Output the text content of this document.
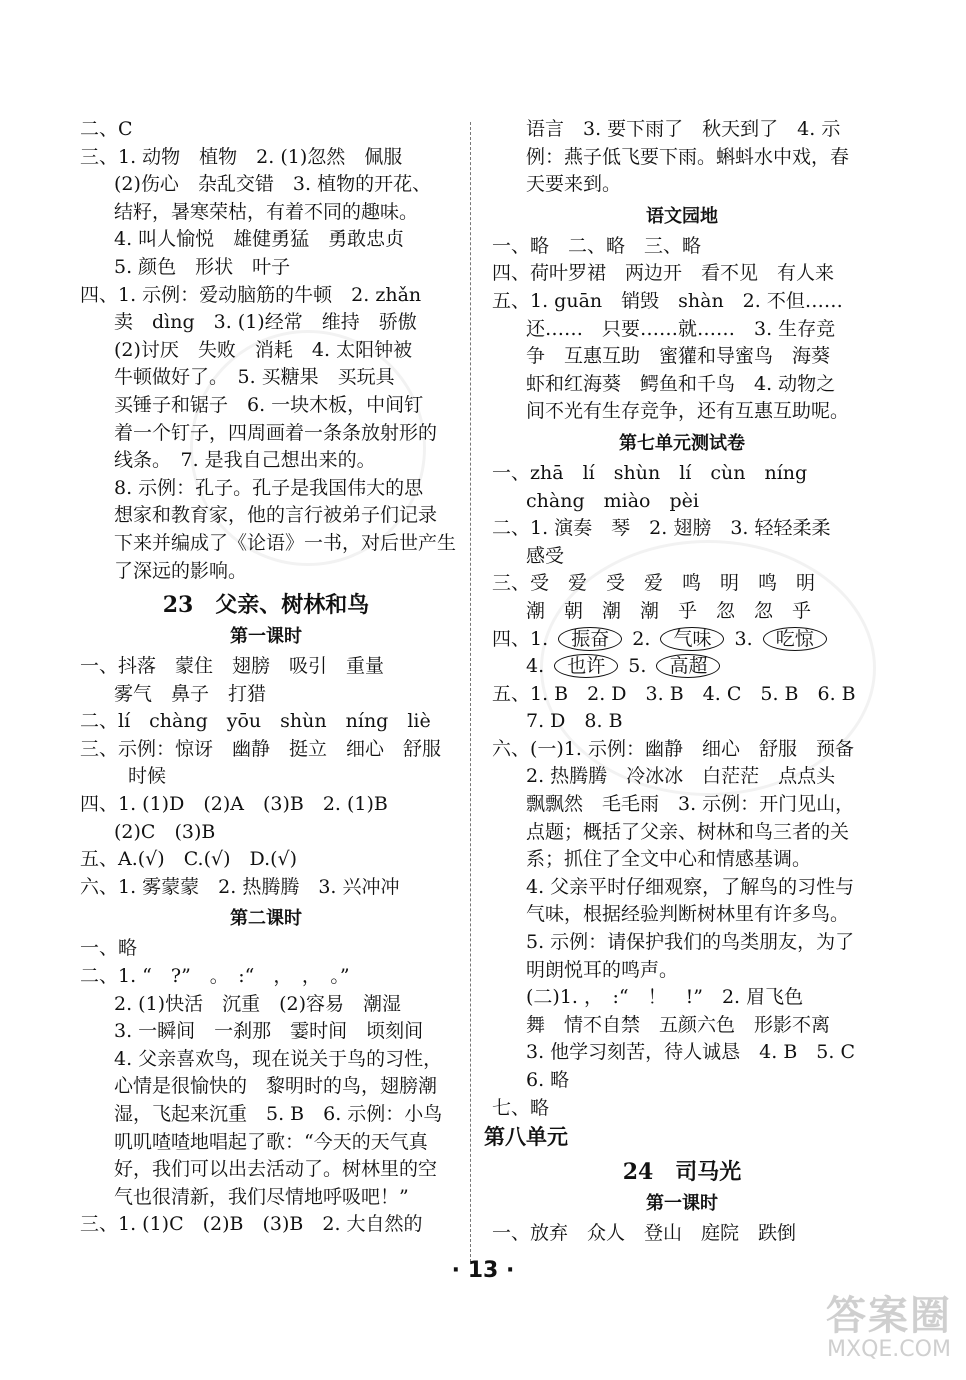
二、C
三、1. 动物　植物　2. (1)忽然　佩服
(2)伤心　杂乱交错　3. 植物的开花、
结籽，暑寒荣枯，有着不同的趣味。
4. 叫人愉悦　雄健勇猛　勇敢忠贞
5. 颜色　形状　叶子
四、1. 示例：爱动脑筋的牛顿　2. zhǎn
卖　dìng　3. (1)经常　维持　骄傲
(2)讨厌　失败　消耗　4. 太阳钟被
牛顿做好了。　5. 买糖果　买玩具
买锤子和锯子　6. 一块木板，中间钉
着一个钉子，四周画着一条条放射形的
线条。　7. 是我自己想出来的。
8. 示例：孔子。孔子是我国伟大的思
想家和教育家，他的言行被弟子们记录
下来并编成了《论语》一书，对后世产生
了深远的影响。
23　父亲、树林和鸟
第一课时
一、抖落　蒙住　翅膀　吸引　重量
雾气　鼻子　打猎
二、lí　chàng　yōu　shùn　níng　liè
三、示例：惊讶　幽静　挺立　细心　舒服
时候
四、1. (1)D　(2)A　(3)B　2. (1)B
(2)C　(3)B
五、A.(√)　C.(√)　D.(√)
六、1. 雾蒙蒙　2. 热腾腾　3. 兴冲冲
第二课时
一、略
二、1. “　?”　。　:“　，　，　。”
2. (1)快活　沉重　(2)容易　潮湿
3. 一瞬间　一刹那　霎时间　顷刻间
4. 父亲喜欢鸟，现在说关于鸟的习性，
心情是很愉快的　黎明时的鸟，翅膀潮
湿，飞起来沉重　5. B　6. 示例：小鸟
叽叽喳喳地唱起了歌：“今天的天气真
好，我们可以出去活动了。树林里的空
气也很清新，我们尽情地呼吸吧！”
三、1. (1)C　(2)B　(3)B　2. 大自然的
语言　3. 要下雨了　秋天到了　4. 示
例：燕子低飞要下雨。蝌蚪水中戏，春
天要来到。
语文园地
一、略　二、略　三、略
四、荷叶罗裙　两边开　看不见　有人来
五、1. guān　销毁　shàn　2. 不但……
还……　只要……就……　3. 生存竞
争　互惠互助　蜜獾和导蜜鸟　海葵
虾和红海葵　鳄鱼和千鸟　4. 动物之
间不光有生存竞争，还有互惠互助呢。
第七单元测试卷
一、zhā　lí　shùn　lí　cùn　níng
chàng　miào　pèi
二、1. 演奏　琴　2. 翅膀　3. 轻轻柔柔
感受
三、受　爱　受　爱　鸣　明　鸣　明
潮　朝　潮　潮　乎　忽　忽　乎
四、1. 振奋 2. 气味 3. 吃惊
4. 也许 5. 高超
五、1. B　2. D　3. B　4. C　5. B　6. B
7. D　8. B
六、(一)1. 示例：幽静　细心　舒服　预备
2. 热腾腾　冷冰冰　白茫茫　点点头
飘飘然　毛毛雨　3. 示例：开门见山，
点题；概括了父亲、树林和鸟三者的关
系；抓住了全文中心和情感基调。
4. 父亲平时仔细观察，了解鸟的习性与
气味，根据经验判断树林里有许多鸟。
5. 示例：请保护我们的鸟类朋友，为了
明朗悦耳的鸣声。
(二)1. ，　:“　！　!”　2. 眉飞色
舞　情不自禁　五颜六色　形影不离
3. 他学习刻苦，待人诚恳　4. B　5. C
6. 略
七、略
第八单元
24　司马光
第一课时
一、放弃　众人　登山　庭院　跌倒
· 13 ·
答案圈
MXQE.COM
